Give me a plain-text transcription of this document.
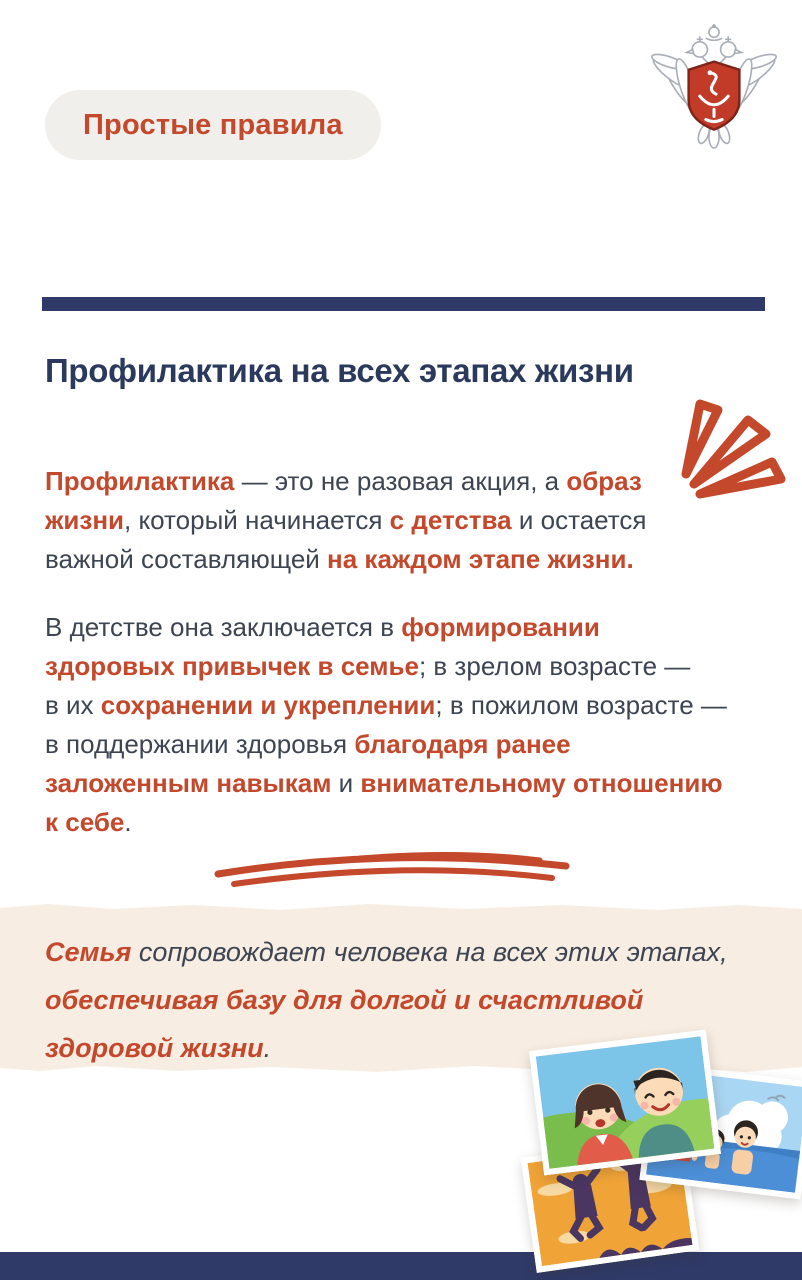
Простые правила
Профилактика на всех этапах жизни

Профилактика — это не разовая акция, а образ
жизни, который начинается с детства и остается
важной составляющей на каждом этапе жизни.

В детстве она заключается в формировании
здоровых привычек в семье; в зрелом возрасте —
в их сохранении и укреплении; в пожилом возрасте —
в поддержании здоровья благодаря ранее
заложенным навыкам и внимательному отношению
к себе.

Семья сопровождает человека на всех этих этапах,
обеспечивая базу для долгой и счастливой
здоровой жизни.
